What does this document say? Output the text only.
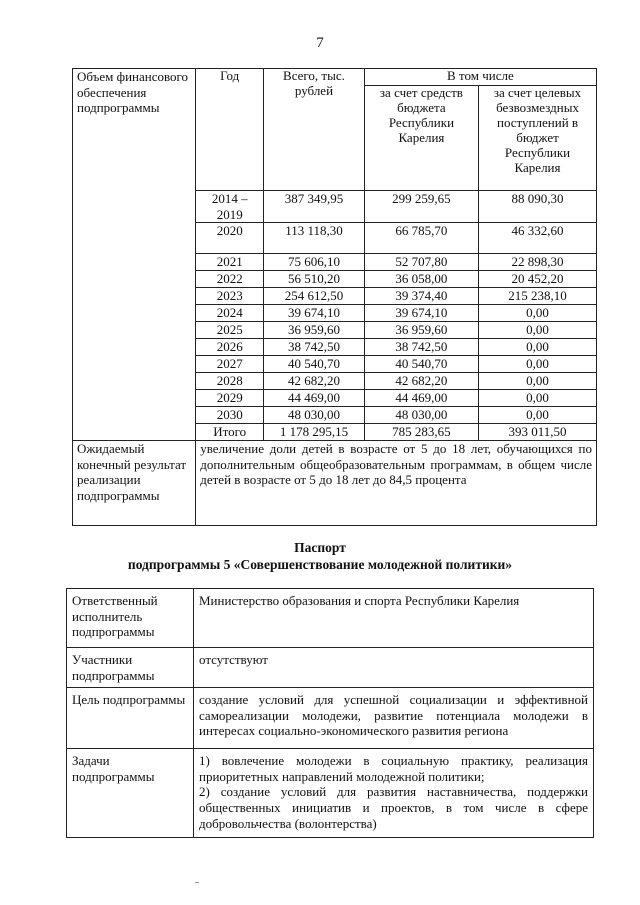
7
Объем финансового обеспечения подпрограммы	Год	Всего, тыс. рублей	В том числе	
			за счет средств бюджета Республики Карелия	за счет целевых безвозмездных поступлений в бюджет Республики Карелия
	2014 – 2019	387 349,95	299 259,65	88 090,30
	2020	113 118,30	66 785,70	46 332,60
	2021	75 606,10	52 707,80	22 898,30
	2022	56 510,20	36 058,00	20 452,20
	2023	254 612,50	39 374,40	215 238,10
	2024	39 674,10	39 674,10	0,00
	2025	36 959,60	36 959,60	0,00
	2026	38 742,50	38 742,50	0,00
	2027	40 540,70	40 540,70	0,00
	2028	42 682,20	42 682,20	0,00
	2029	44 469,00	44 469,00	0,00
	2030	48 030,00	48 030,00	0,00
	Итого	1 178 295,15	785 283,65	393 011,50
Ожидаемый конечный результат реализации подпрограммы	увеличение доли детей в возрасте от 5 до 18 лет, обучающихся по дополнительным общеобразовательным программам, в общем числе детей в возрасте от 5 до 18 лет до 84,5 процента			
Паспорт
подпрограммы 5 «Совершенствование молодежной политики»
Ответственный исполнитель подпрограммы	Министерство образования и спорта Республики Карелия
Участники подпрограммы	отсутствуют
Цель подпрограммы	создание условий для успешной социализации и эффективной самореализации молодежи, развитие потенциала молодежи в интересах социально-экономического развития региона
Задачи подпрограммы	1) вовлечение молодежи в социальную практику, реализация приоритетных направлений молодежной политики;
2) создание условий для развития наставничества, поддержки общественных инициатив и проектов, в том числе в сфере добровольчества (волонтерства)
